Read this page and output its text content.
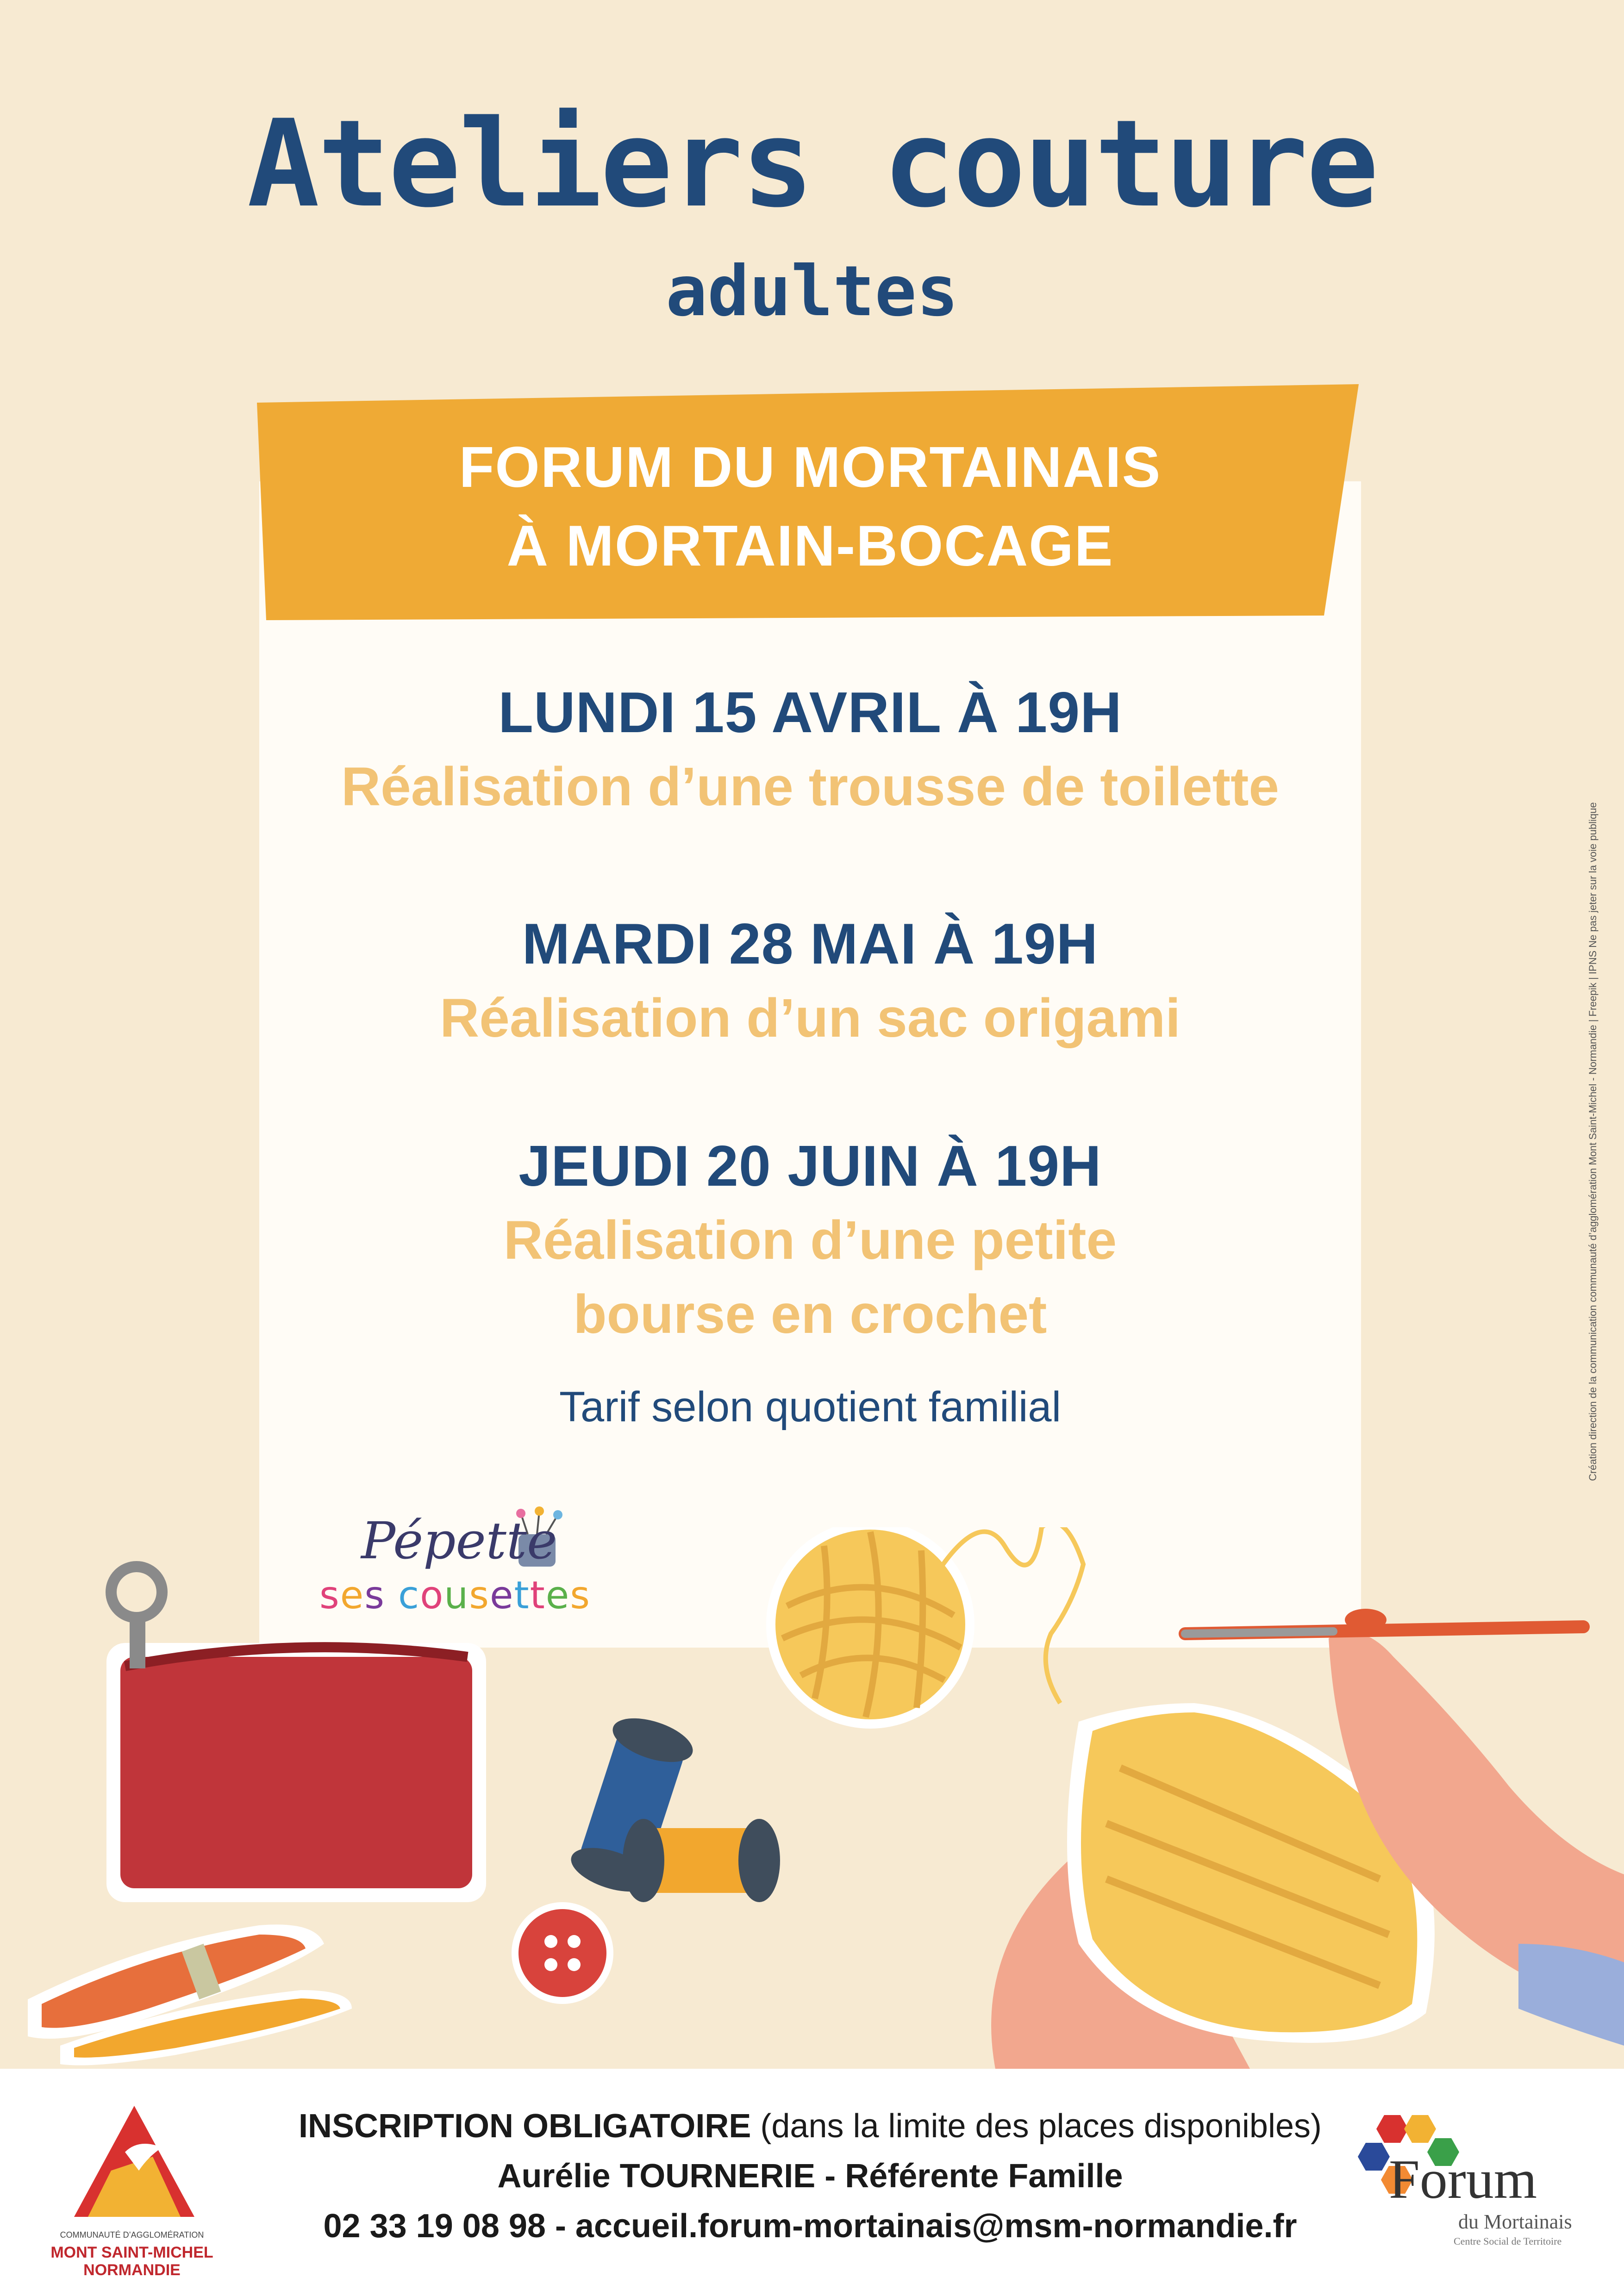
Ateliers couture
adultes
FORUM DU MORTAINAIS
À MORTAIN-BOCAGE
LUNDI 15 AVRIL À 19H
Réalisation d’une trousse de toilette
MARDI 28 MAI À 19H
Réalisation d’un sac origami
JEUDI 20 JUIN À 19H
Réalisation d’une petite
bourse en crochet
Tarif selon quotient familial
Pépette
ses cousettes
Création direction de la communication communauté d’agglomération Mont Saint-Michel - Normandie | Freepik | IPNS Ne pas jeter sur la voie publique
COMMUNAUTÉ D’AGGLOMÉRATION
MONT SAINT-MICHEL
NORMANDIE
INSCRIPTION OBLIGATOIRE (dans la limite des places disponibles)
Aurélie TOURNERIE - Référente Famille
02 33 19 08 98 - accueil.forum-mortainais@msm-normandie.fr
Forum
du Mortainais
Centre Social de Territoire
